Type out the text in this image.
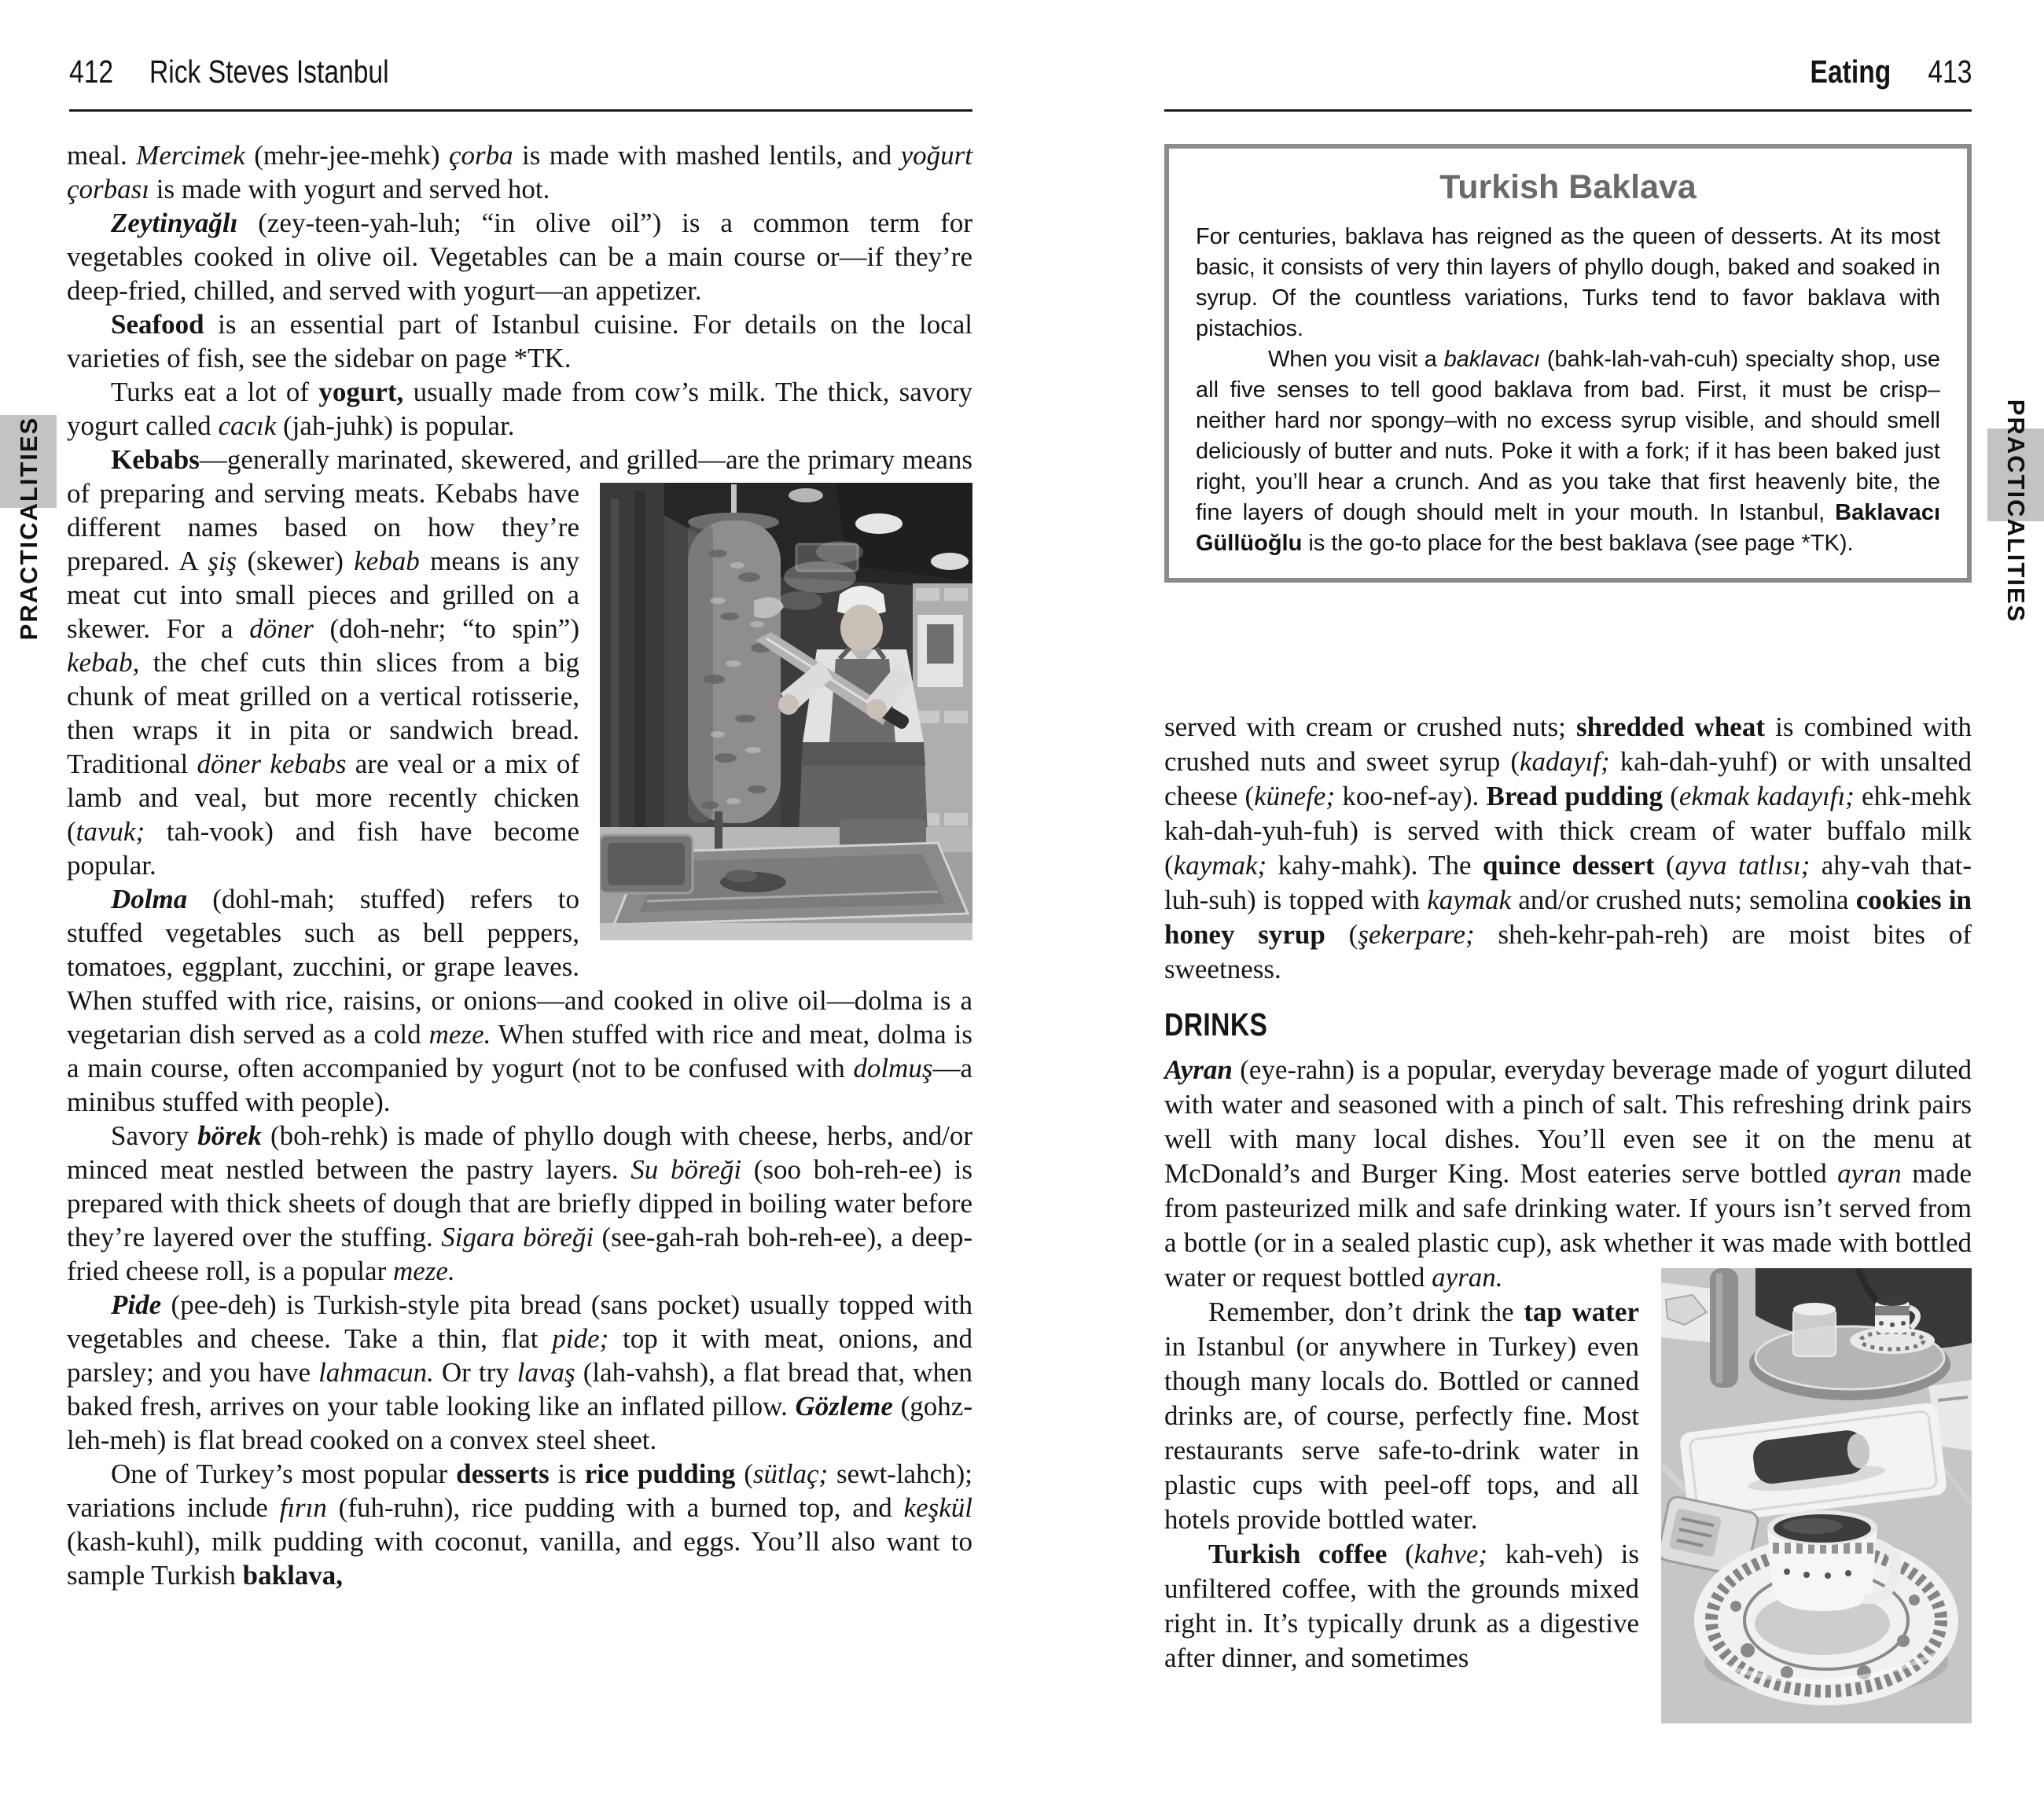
412 Rick Steves Istanbul	Eating 413

meal. Mercimek (mehr-jee-mehk) çorba is made with mashed lentils, and yoğurt çorbası is made with yogurt and served hot.

Zeytinyağlı (zey-teen-yah-luh; “in olive oil”) is a common term for vegetables cooked in olive oil. Vegetables can be a main course or—if they’re deep-fried, chilled, and served with yogurt—an appetizer.

Seafood is an essential part of Istanbul cuisine. For details on the local varieties of fish, see the sidebar on page *TK.

Turks eat a lot of yogurt, usually made from cow’s milk. The thick, savory yogurt called cacık (jah-juhk) is popular.

Kebabs—generally marinated, skewered, and grilled—are the primary means of preparing and serving meats. Kebabs have
different names based on how they’re prepared. A şiş (skewer) kebab means is any meat cut into small pieces and grilled on a skewer. For a döner (doh-nehr; “to spin”) kebab, the chef cuts thin slices from a big chunk of meat grilled on a vertical rotisserie, then wraps it in pita or sandwich bread. Traditional döner kebabs are veal or a mix of lamb and veal, but more recently chicken (tavuk; tah-vook) and fish have become popular.

Dolma (dohl-mah; stuffed) refers to stuffed vegetables such as bell peppers, tomatoes, eggplant, zucchini, or grape leaves. When stuffed with rice, raisins, or onions—and cooked in olive oil—dolma is a vegetarian dish served as a cold meze. When stuffed with rice and meat, dolma is a main course, often accompanied by yogurt (not to be confused with dolmuş—a minibus stuffed with people).

Savory börek (boh-rehk) is made of phyllo dough with cheese, herbs, and/or minced meat nestled between the pastry layers. Su böreği (soo boh-reh-ee) is prepared with thick sheets of dough that are briefly dipped in boiling water before they’re layered over the stuffing. Sigara böreği (see-gah-rah boh-reh-ee), a deep-fried cheese roll, is a popular meze.

Pide (pee-deh) is Turkish-style pita bread (sans pocket) usually topped with vegetables and cheese. Take a thin, flat pide; top it with meat, onions, and parsley; and you have lahmacun. Or try lavaş (lah-vahsh), a flat bread that, when baked fresh, arrives on your table looking like an inflated pillow. Gözleme (gohz-leh-meh) is flat bread cooked on a convex steel sheet.

One of Turkey’s most popular desserts is rice pudding (sütlaç; sewt-lahch); variations include fırın (fuh-ruhn), rice pudding with a burned top, and keşkül (kash-kuhl), milk pudding with coconut, vanilla, and eggs. You’ll also want to sample Turkish baklava,

Turkish Baklava

For centuries, baklava has reigned as the queen of desserts. At its most basic, it consists of very thin layers of phyllo dough, baked and soaked in syrup. Of the countless variations, Turks tend to favor baklava with pistachios.

When you visit a baklavacı (bahk-lah-vah-cuh) specialty shop, use all five senses to tell good baklava from bad. First, it must be crisp–neither hard nor spongy–with no excess syrup visible, and should smell deliciously of butter and nuts. Poke it with a fork; if it has been baked just right, you’ll hear a crunch. And as you take that first heavenly bite, the fine layers of dough should melt in your mouth. In Istanbul, Baklavacı Güllüoğlu is the go-to place for the best baklava (see page *TK).

served with cream or crushed nuts; shredded wheat is combined with crushed nuts and sweet syrup (kadayıf; kah-dah-yuhf) or with unsalted cheese (künefe; koo-nef-ay). Bread pudding (ekmak kadayıfı; ehk-mehk kah-dah-yuh-fuh) is served with thick cream of water buffalo milk (kaymak; kahy-mahk). The quince dessert (ayva tatlısı; ahy-vah that-luh-suh) is topped with kaymak and/or crushed nuts; semolina cookies in honey syrup (şekerpare; sheh-kehr-pah-reh) are moist bites of sweetness.

DRINKS

Ayran (eye-rahn) is a popular, everyday beverage made of yogurt diluted with water and seasoned with a pinch of salt. This refreshing drink pairs well with many local dishes. You’ll even see it on the menu at McDonald’s and Burger King. Most eateries serve bottled ayran made from pasteurized milk and safe drinking water. If yours isn’t served from a bottle (or in a sealed plastic cup), ask whether it
was made with bottled water or request bottled ayran.

Remember, don’t drink the tap water in Istanbul (or anywhere in Turkey) even though many locals do. Bottled or canned drinks are, of course, perfectly fine. Most restaurants serve safe-to-drink water in plastic cups with peel-off tops, and all hotels provide bottled water.

Turkish coffee (kahve; kah-veh) is unfiltered coffee, with the grounds mixed right in. It’s typically drunk as a digestive after dinner, and sometimes

PRACTICALITIES	PRACTICALITIES
